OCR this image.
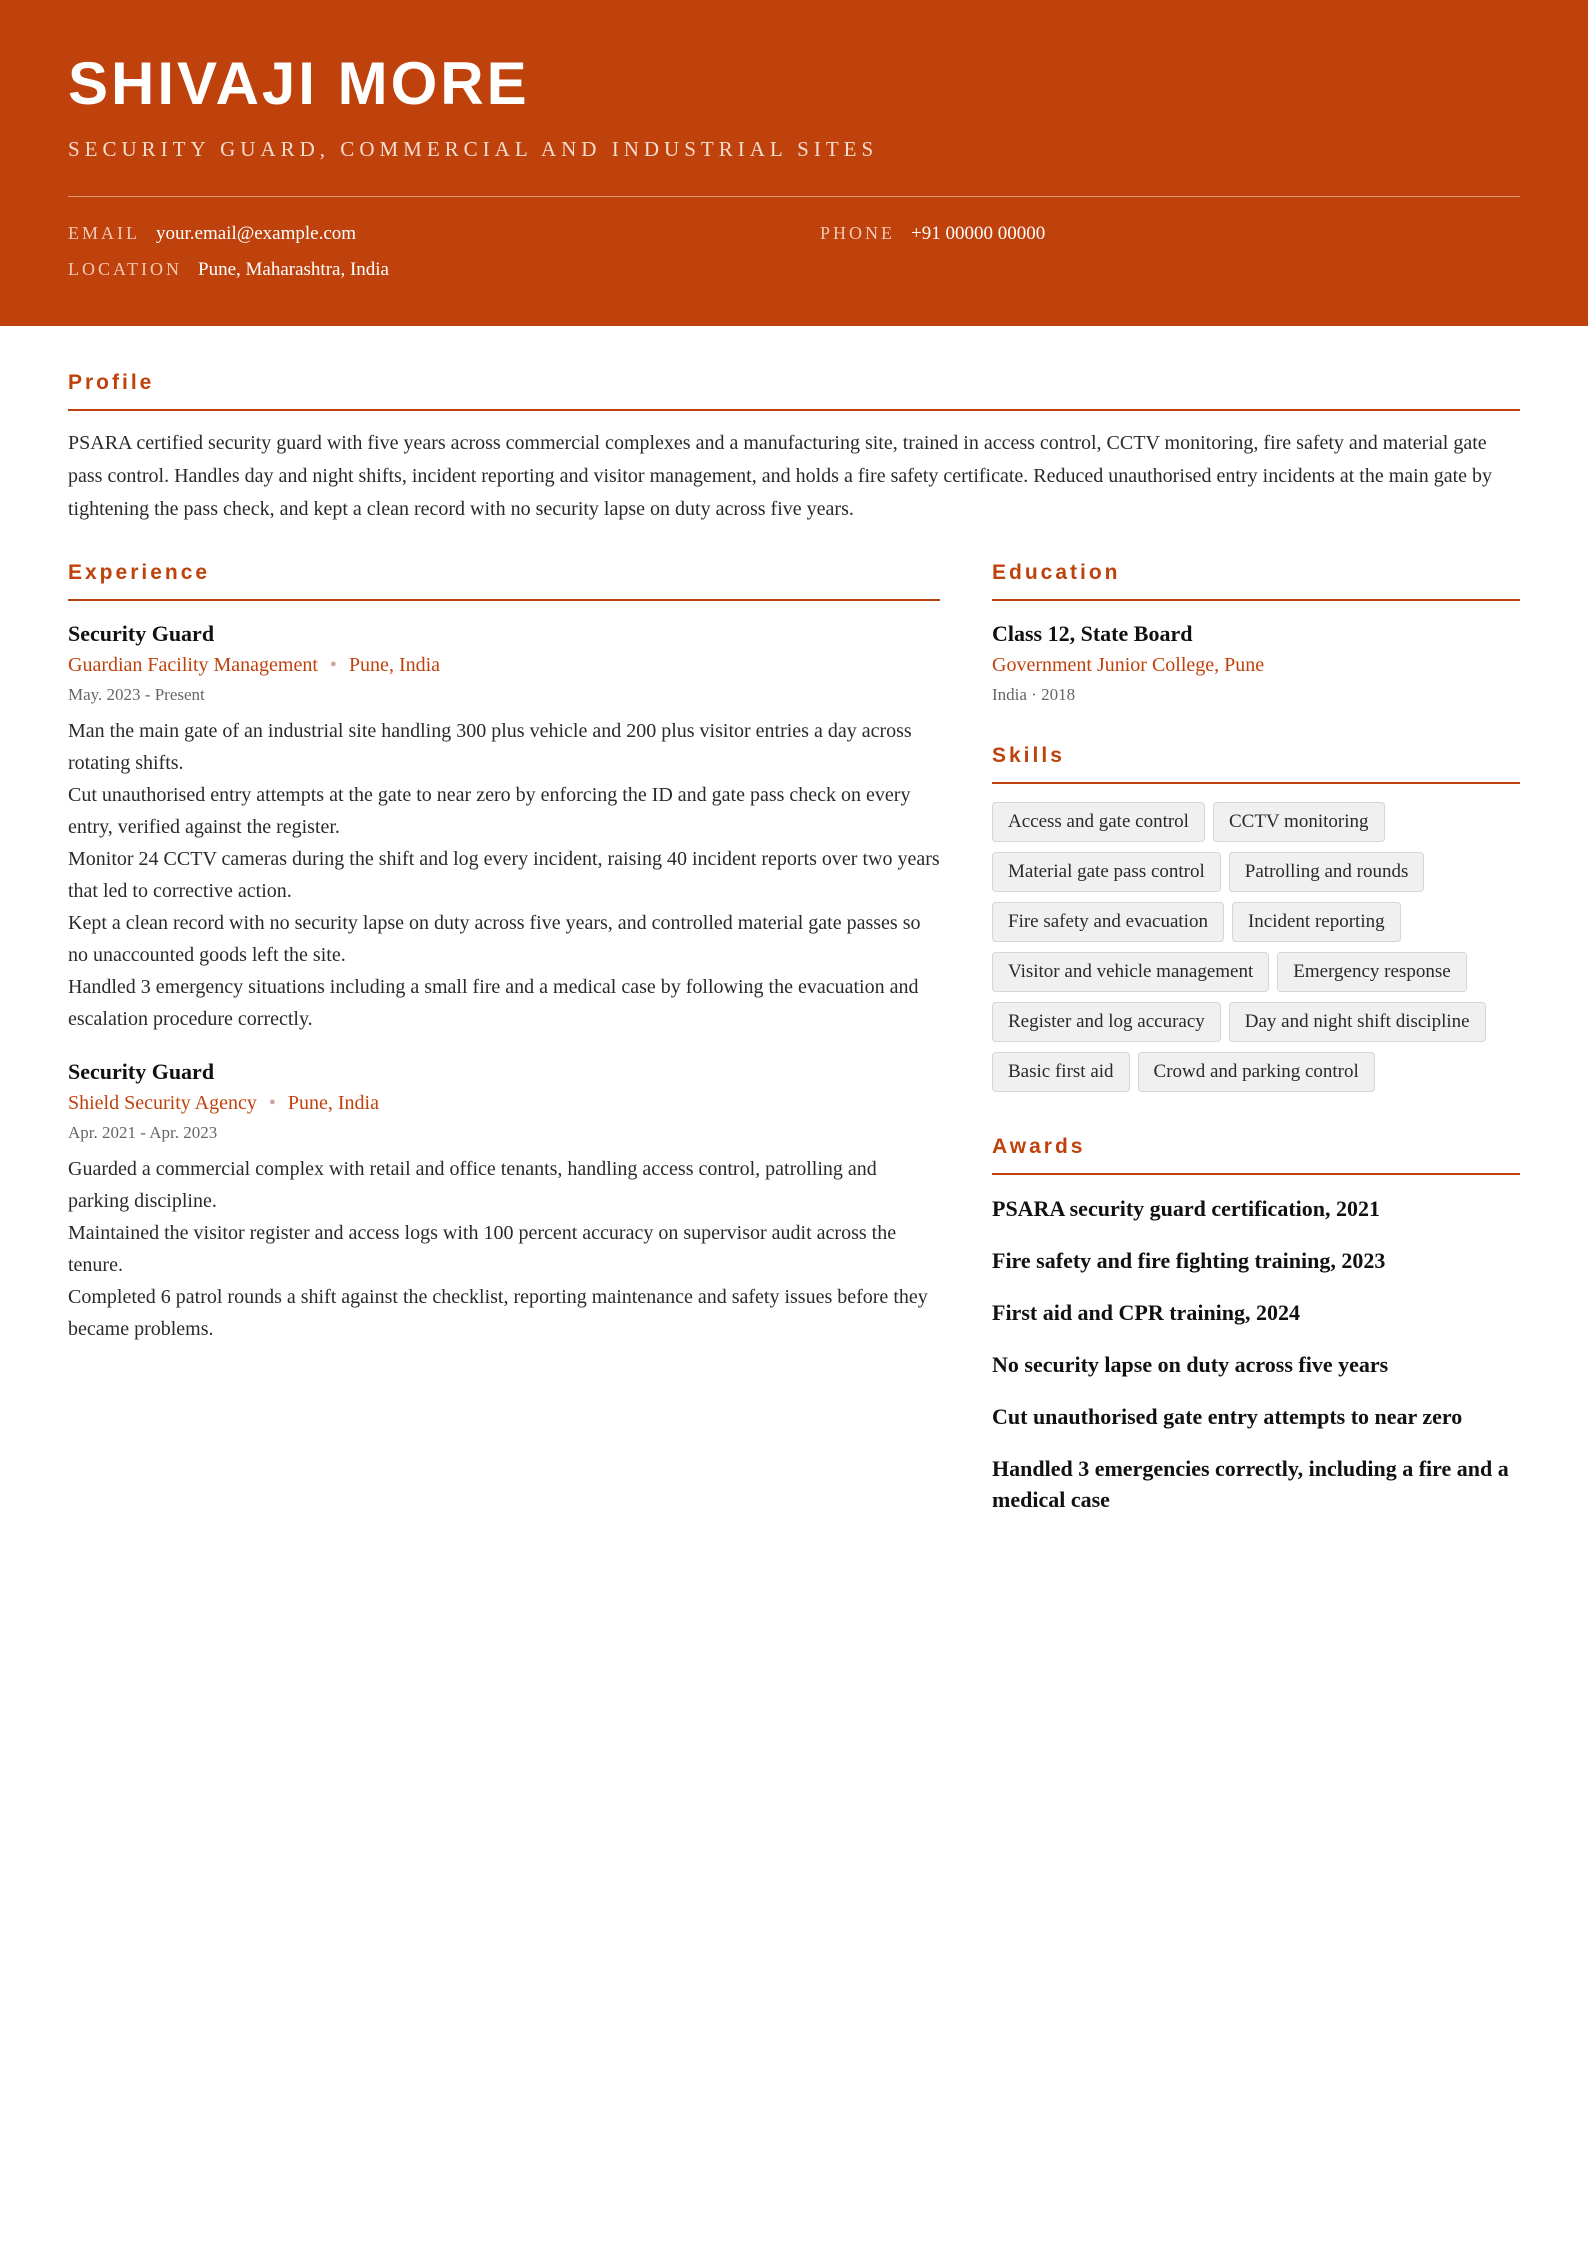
SHIVAJI MORE
SECURITY GUARD, COMMERCIAL AND INDUSTRIAL SITES
EMAIL your.email@example.com	PHONE +91 00000 00000
LOCATION Pune, Maharashtra, India
Profile
PSARA certified security guard with five years across commercial complexes and a manufacturing site, trained in access control, CCTV monitoring, fire safety and material gate pass control. Handles day and night shifts, incident reporting and visitor management, and holds a fire safety certificate. Reduced unauthorised entry incidents at the main gate by tightening the pass check, and kept a clean record with no security lapse on duty across five years.
Experience
Security Guard
Guardian Facility Management • Pune, India
May. 2023 - Present
Man the main gate of an industrial site handling 300 plus vehicle and 200 plus visitor entries a day across rotating shifts.
Cut unauthorised entry attempts at the gate to near zero by enforcing the ID and gate pass check on every entry, verified against the register.
Monitor 24 CCTV cameras during the shift and log every incident, raising 40 incident reports over two years that led to corrective action.
Kept a clean record with no security lapse on duty across five years, and controlled material gate passes so no unaccounted goods left the site.
Handled 3 emergency situations including a small fire and a medical case by following the evacuation and escalation procedure correctly.
Security Guard
Shield Security Agency • Pune, India
Apr. 2021 - Apr. 2023
Guarded a commercial complex with retail and office tenants, handling access control, patrolling and parking discipline.
Maintained the visitor register and access logs with 100 percent accuracy on supervisor audit across the tenure.
Completed 6 patrol rounds a shift against the checklist, reporting maintenance and safety issues before they became problems.
Education
Class 12, State Board
Government Junior College, Pune
India · 2018
Skills
Access and gate control	CCTV monitoring
Material gate pass control	Patrolling and rounds
Fire safety and evacuation	Incident reporting
Visitor and vehicle management	Emergency response
Register and log accuracy	Day and night shift discipline
Basic first aid	Crowd and parking control
Awards
PSARA security guard certification, 2021
Fire safety and fire fighting training, 2023
First aid and CPR training, 2024
No security lapse on duty across five years
Cut unauthorised gate entry attempts to near zero
Handled 3 emergencies correctly, including a fire and a medical case
